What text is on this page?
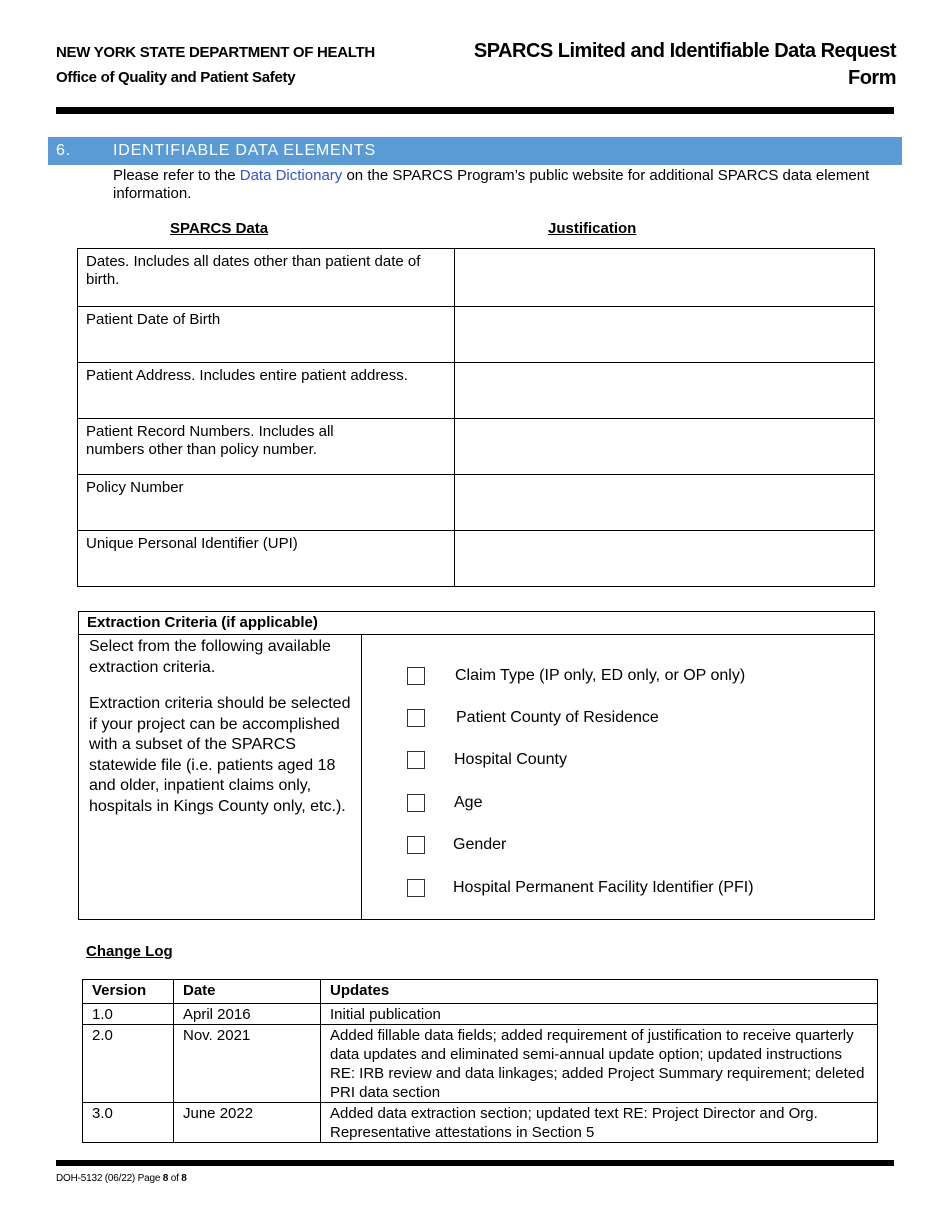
NEW YORK STATE DEPARTMENT OF HEALTH
Office of Quality and Patient Safety
SPARCS Limited and Identifiable Data Request
Form
6.	IDENTIFIABLE DATA ELEMENTS
Please refer to the Data Dictionary on the SPARCS Program’s public website for additional SPARCS data element information.
SPARCS Data	Justification
Dates. Includes all dates other than patient date of birth.	
Patient Date of Birth	
Patient Address. Includes entire patient address.	
Patient Record Numbers. Includes all numbers other than policy number.	
Policy Number	
Unique Personal Identifier (UPI)	
Extraction Criteria (if applicable)

Select from the following available extraction criteria.

Extraction criteria should be selected if your project can be accomplished with a subset of the SPARCS statewide file (i.e. patients aged 18 and older, inpatient claims only, hospitals in Kings County only, etc.).

Claim Type (IP only, ED only, or OP only)
Patient County of Residence
Hospital County
Age
Gender
Hospital Permanent Facility Identifier (PFI)
Change Log
Version	Date	Updates
1.0	April 2016	Initial publication
2.0	Nov. 2021	Added fillable data fields; added requirement of justification to receive quarterly data updates and eliminated semi-annual update option; updated instructions RE: IRB review and data linkages; added Project Summary requirement; deleted PRI data section
3.0	June 2022	Added data extraction section; updated text RE: Project Director and Org. Representative attestations in Section 5
DOH-5132 (06/22) Page 8 of 8
